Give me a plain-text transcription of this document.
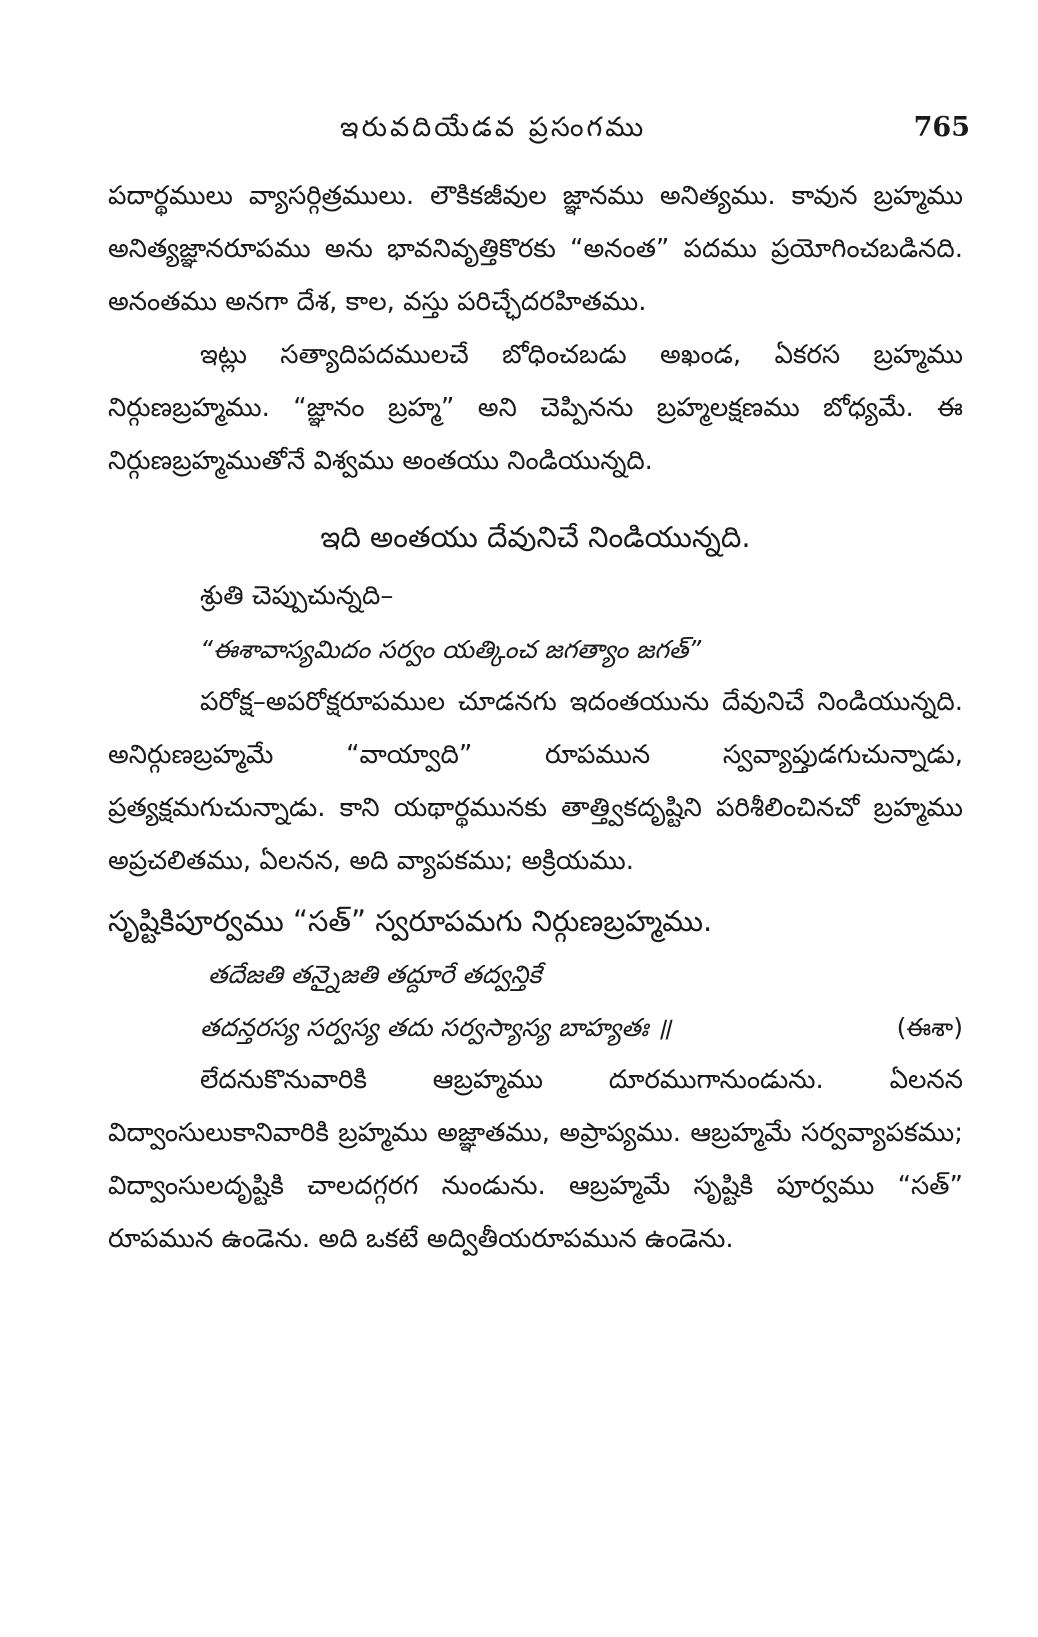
ఇరువదియేడవ ప్రసంగము	765

పదార్థములు వ్యాసర్గిత్రములు. లౌకికజీవుల జ్ఞానము అనిత్యము. కావున బ్రహ్మము అనిత్యజ్ఞానరూపము అను భావనివృత్తికొరకు “అనంత” పదము ప్రయోగించబడినది. అనంతము అనగా దేశ, కాల, వస్తు పరిచ్ఛేదరహితము.

ఇట్లు సత్యాదిపదములచే బోధించబడు అఖండ, ఏకరస బ్రహ్మము నిర్గుణబ్రహ్మము. “జ్ఞానం బ్రహ్మ” అని చెప్పినను బ్రహ్మలక్షణము బోధ్యమే. ఈ నిర్గుణబ్రహ్మముతోనే విశ్వము అంతయు నిండియున్నది.

ఇది అంతయు దేవునిచే నిండియున్నది.

శ్రుతి చెప్పుచున్నది–

“ఈశావాస్యమిదం సర్వం యత్కించ జగత్యాం జగత్”

పరోక్ష–అపరోక్షరూపముల చూడనగు ఇదంతయును దేవునిచే నిండియున్నది. అనిర్గుణబ్రహ్మమే “వాయ్వాది” రూపమున స్వవ్యాప్తుడగుచున్నాడు, ప్రత్యక్షమగుచున్నాడు. కాని యథార్థమునకు తాత్త్వికదృష్టిని పరిశీలించినచో బ్రహ్మము అప్రచలితము, ఏలనన, అది వ్యాపకము; అక్రియము.

సృష్టికిపూర్వము “సత్” స్వరూపమగు నిర్గుణబ్రహ్మము.

తదేజతి తన్నైజతి తద్దూరే తద్వన్తికే

తదన్తరస్య సర్వస్య తదు సర్వస్యాస్య బాహ్యతః ॥	(ఈశా)

లేదనుకొనువారికి ఆబ్రహ్మము దూరముగానుండును. ఏలనన విద్వాంసులుకానివారికి బ్రహ్మము అజ్ఞాతము, అప్రాప్యము. ఆబ్రహ్మమే సర్వవ్యాపకము; విద్వాంసులదృష్టికి చాలదగ్గరగ నుండును. ఆబ్రహ్మమే సృష్టికి పూర్వము “సత్” రూపమున ఉండెను. అది ఒకటే అద్వితీయరూపమున ఉండెను.
